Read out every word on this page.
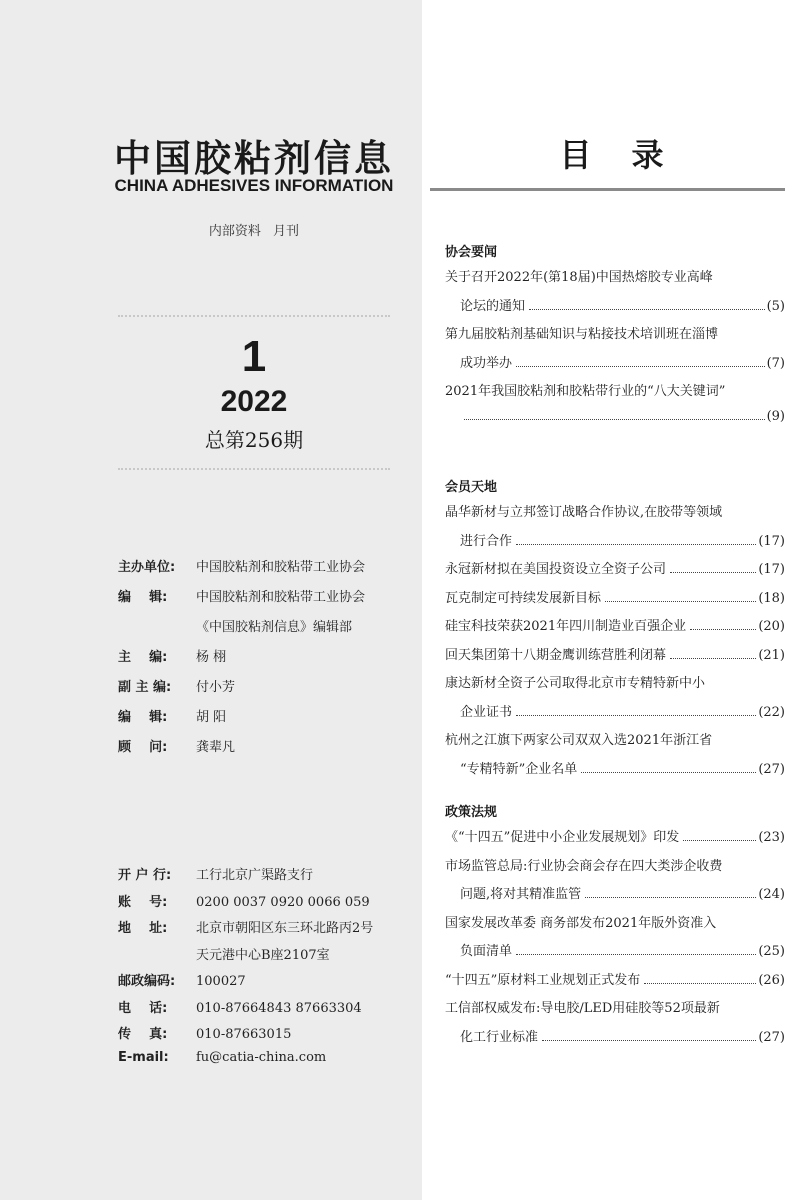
中国胶粘剂信息
CHINA ADHESIVES INFORMATION
内部资料 月刊
1
2022
总第256期
主办单位:	中国胶粘剂和胶粘带工业协会
编    辑:	中国胶粘剂和胶粘带工业协会
《中国胶粘剂信息》编辑部
主    编:	杨 栩
副 主 编:	付小芳
编    辑:	胡 阳
顾    问:	龚辈凡
开 户 行:	工行北京广渠路支行
账    号:	0200 0037 0920 0066 059
地    址:	北京市朝阳区东三环北路丙2号
天元港中心B座2107室
邮政编码:	100027
电    话:	010-87664843 87663304
传    真:	010-87663015
E-mail:	fu@catia-china.com
目录
协会要闻
关于召开2022年(第18届)中国热熔胶专业高峰
论坛的通知	(5)
第九届胶粘剂基础知识与粘接技术培训班在淄博
成功举办	(7)
2021年我国胶粘剂和胶粘带行业的“八大关键词”
(9)
会员天地
晶华新材与立邦签订战略合作协议,在胶带等领域
进行合作	(17)
永冠新材拟在美国投资设立全资子公司	(17)
瓦克制定可持续发展新目标	(18)
硅宝科技荣获2021年四川制造业百强企业	(20)
回天集团第十八期金鹰训练营胜利闭幕	(21)
康达新材全资子公司取得北京市专精特新中小
企业证书	(22)
杭州之江旗下两家公司双双入选2021年浙江省
“专精特新”企业名单	(27)
政策法规
《“十四五”促进中小企业发展规划》印发	(23)
市场监管总局:行业协会商会存在四大类涉企收费
问题,将对其精准监管	(24)
国家发展改革委 商务部发布2021年版外资准入
负面清单	(25)
“十四五”原材料工业规划正式发布	(26)
工信部权威发布:导电胶/LED用硅胶等52项最新
化工行业标准	(27)
